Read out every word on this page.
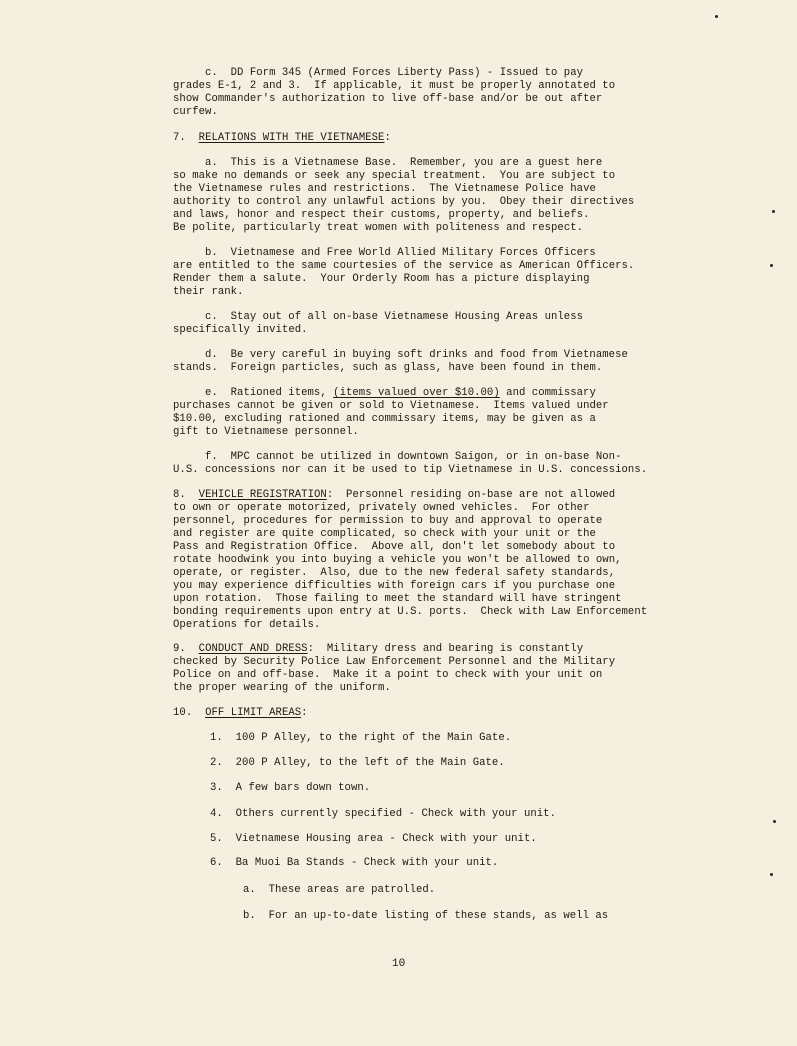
c.  DD Form 345 (Armed Forces Liberty Pass) - Issued to pay
grades E-1, 2 and 3.  If applicable, it must be properly annotated to
show Commander's authorization to live off-base and/or be out after
curfew.
7. RELATIONS WITH THE VIETNAMESE:
a.  This is a Vietnamese Base.  Remember, you are a guest here
so make no demands or seek any special treatment.  You are subject to
the Vietnamese rules and restrictions.  The Vietnamese Police have
authority to control any unlawful actions by you.  Obey their directives
and laws, honor and respect their customs, property, and beliefs.
Be polite, particularly treat women with politeness and respect.
b.  Vietnamese and Free World Allied Military Forces Officers
are entitled to the same courtesies of the service as American Officers.
Render them a salute.  Your Orderly Room has a picture displaying
their rank.
c.  Stay out of all on-base Vietnamese Housing Areas unless
specifically invited.
d.  Be very careful in buying soft drinks and food from Vietnamese
stands.  Foreign particles, such as glass, have been found in them.
e.  Rationed items, (items valued over $10.00) and commissary
purchases cannot be given or sold to Vietnamese.  Items valued under
$10.00, excluding rationed and commissary items, may be given as a
gift to Vietnamese personnel.
f.  MPC cannot be utilized in downtown Saigon, or in on-base Non-
U.S. concessions nor can it be used to tip Vietnamese in U.S. concessions.
8. VEHICLE REGISTRATION:  Personnel residing on-base are not allowed
to own or operate motorized, privately owned vehicles.  For other
personnel, procedures for permission to buy and approval to operate
and register are quite complicated, so check with your unit or the
Pass and Registration Office.  Above all, don't let somebody about to
rotate hoodwink you into buying a vehicle you won't be allowed to own,
operate, or register.  Also, due to the new federal safety standards,
you may experience difficulties with foreign cars if you purchase one
upon rotation.  Those failing to meet the standard will have stringent
bonding requirements upon entry at U.S. ports.  Check with Law Enforcement
Operations for details.
9. CONDUCT AND DRESS:  Military dress and bearing is constantly
checked by Security Police Law Enforcement Personnel and the Military
Police on and off-base.  Make it a point to check with your unit on
the proper wearing of the uniform.
10. OFF LIMIT AREAS:
1.  100 P Alley, to the right of the Main Gate.
2.  200 P Alley, to the left of the Main Gate.
3.  A few bars down town.
4.  Others currently specified - Check with your unit.
5.  Vietnamese Housing area - Check with your unit.
6.  Ba Muoi Ba Stands - Check with your unit.
a.  These areas are patrolled.
b.  For an up-to-date listing of these stands, as well as
10
